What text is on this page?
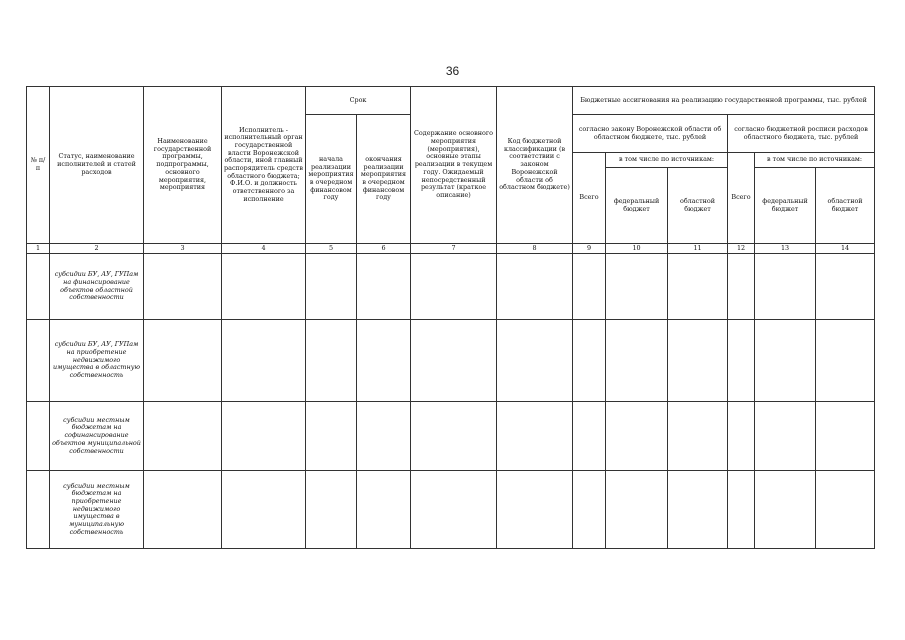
36
№ п/п	Статус, наименование исполнителей и статей расходов	Наименование государственной программы, подпрограммы, основного мероприятия, мероприятия	Исполнитель - исполнительный орган государственной власти Воронежской области, иной главный распорядитель средств областного бюджета; Ф.И.О. и должность ответственного за исполнение	Срок		Содержание основного мероприятия (мероприятия), основные этапы реализации в текущем году. Ожидаемый непосредственный результат (краткое описание)	Код бюджетной классификации (в соответствии с законом Воронежской области об областном бюджете)	Бюджетные ассигнования на реализацию государственной программы, тыс. рублей					
				начала реализации мероприятия в очередном финансовом году	окончания реализации мероприятия в очередном финансовом году			согласно закону Воронежской области об областном бюджете, тыс. рублей			согласно бюджетной росписи расходов областного бюджета, тыс. рублей		
								Всего	в том числе по источникам:		Всего	в том числе по источникам:	
									федеральный бюджет	областной бюджет		федеральный бюджет	областной бюджет
1	2	3	4	5	6	7	8	9	10	11	12	13	14
	субсидии БУ, АУ, ГУПам на финансирование объектов областной собственности												
	субсидии БУ, АУ, ГУПам на приобретение недвижимого имущества в областную собственность												
	субсидии местным бюджетам на софинансирование объектов муниципальной собственности												
	субсидии местным бюджетам на приобретение недвижимого имущества в муниципальную собственность												
